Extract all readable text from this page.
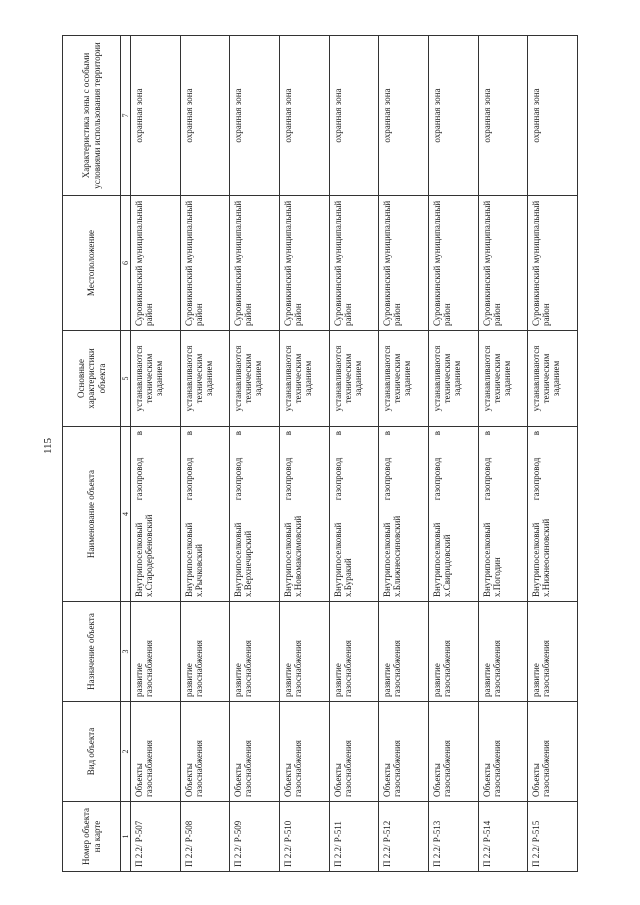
115
Номер объекта на карте	Вид объекта	Назначение объекта	Наименование объекта	Основные характеристики объекта	Местоположение	Характеристика зоны с особыми условиями использования территории
1	2	3	4	5	6	7
П 2.2/ Р-507	Объекты газоснабжения	развитие газоснабжения	Внутрипоселковый газопровод в х.Стародербеновский	устанавливаются техническим заданием	Суровикинский муниципальный район	охранная зона
П 2.2/ Р-508	Объекты газоснабжения	развитие газоснабжения	Внутрипоселковый газопровод в х.Рычковский	устанавливаются техническим заданием	Суровикинский муниципальный район	охранная зона
П 2.2/ Р-509	Объекты газоснабжения	развитие газоснабжения	Внутрипоселковый газопровод в х.Верхнечирский	устанавливаются техническим заданием	Суровикинский муниципальный район	охранная зона
П 2.2/ Р-510	Объекты газоснабжения	развитие газоснабжения	Внутрипоселковый газопровод в х.Новомаксимовский	устанавливаются техническим заданием	Суровикинский муниципальный район	охранная зона
П 2.2/ Р-511	Объекты газоснабжения	развитие газоснабжения	Внутрипоселковый газопровод в х.Буракий	устанавливаются техническим заданием	Суровикинский муниципальный район	охранная зона
П 2.2/ Р-512	Объекты газоснабжения	развитие газоснабжения	Внутрипоселковый газопровод в х.Ближнеосиновский	устанавливаются техническим заданием	Суровикинский муниципальный район	охранная зона
П 2.2/ Р-513	Объекты газоснабжения	развитие газоснабжения	Внутрипоселковый газопровод в х.Свиридовский	устанавливаются техническим заданием	Суровикинский муниципальный район	охранная зона
П 2.2/ Р-514	Объекты газоснабжения	развитие газоснабжения	Внутрипоселковый газопровод в х.Погодин	устанавливаются техническим заданием	Суровикинский муниципальный район	охранная зона
П 2.2/ Р-515	Объекты газоснабжения	развитие газоснабжения	Внутрипоселковый газопровод в х.Нижнеосиновский	устанавливаются техническим заданием	Суровикинский муниципальный район	охранная зона
